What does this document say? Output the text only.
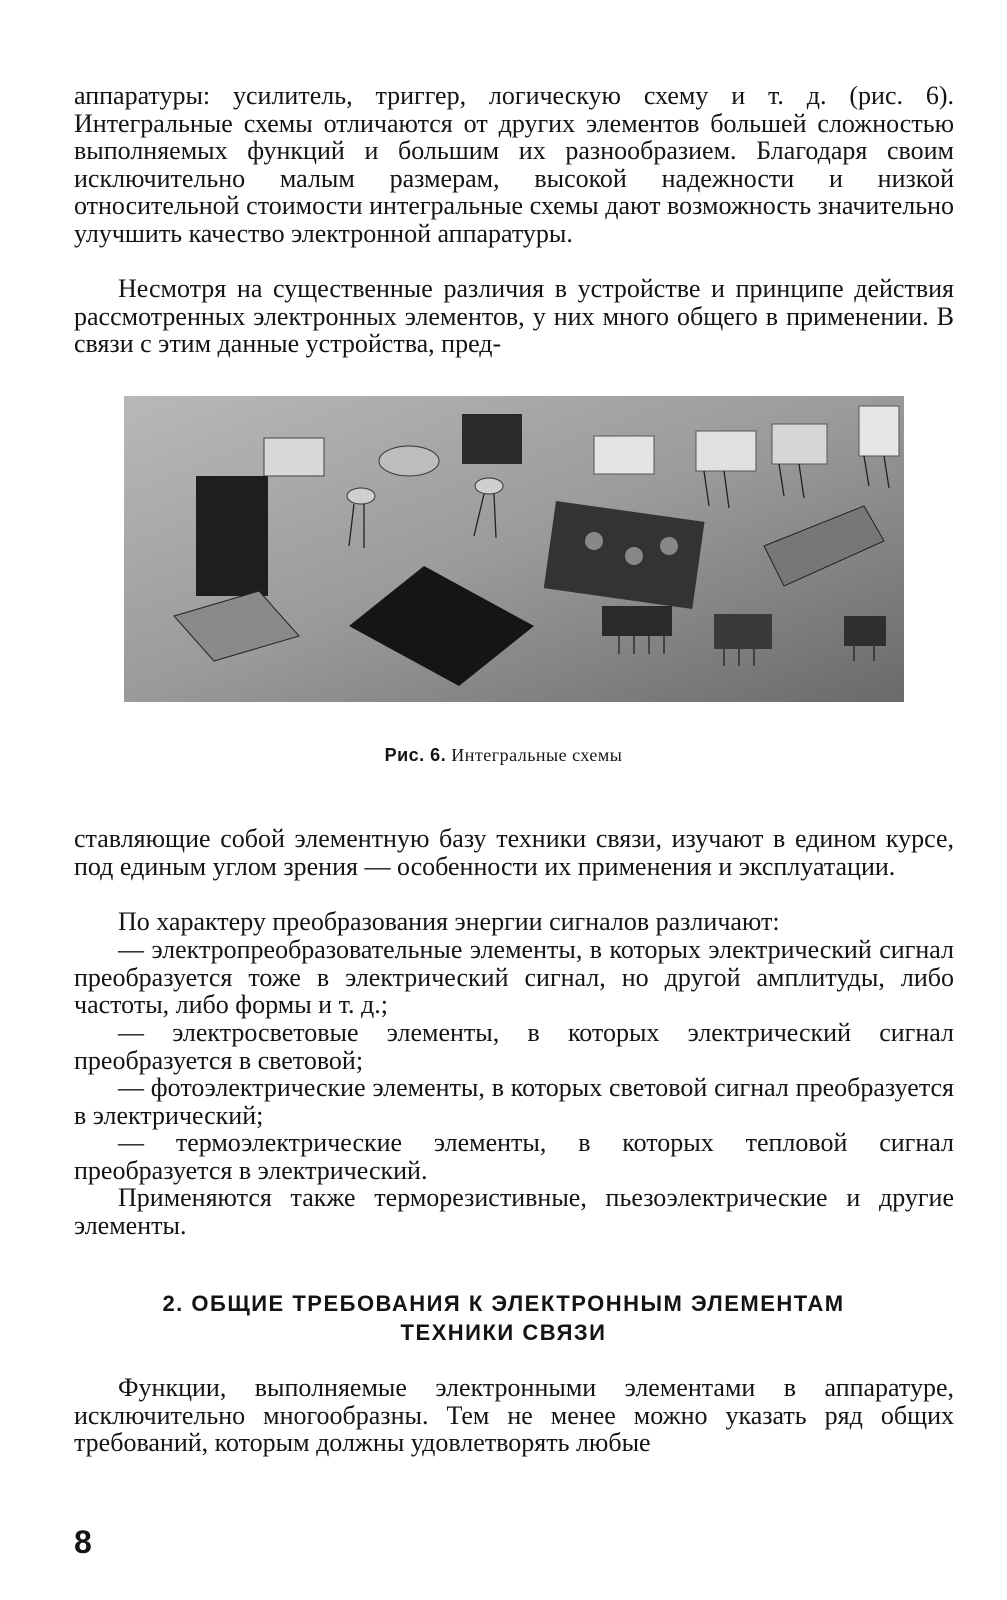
аппаратуры: усилитель, триггер, логическую схему и т. д. (рис. 6). Интегральные схемы отличаются от других элементов большей сложностью выполняемых функций и большим их разнообразием. Благодаря своим исключительно малым размерам, высокой надежности и низкой относительной стоимости интегральные схемы дают возможность значительно улучшить качество электронной аппаратуры.

Несмотря на существенные различия в устройстве и принципе действия рассмотренных электронных элементов, у них много общего в применении. В связи с этим данные устройства, пред-

Рис. 6. Интегральные схемы

ставляющие собой элементную базу техники связи, изучают в едином курсе, под единым углом зрения — особенности их применения и эксплуатации.

По характеру преобразования энергии сигналов различают:

— электропреобразовательные элементы, в которых электрический сигнал преобразуется тоже в электрический сигнал, но другой амплитуды, либо частоты, либо формы и т. д.;

— электросветовые элементы, в которых электрический сигнал преобразуется в световой;

— фотоэлектрические элементы, в которых световой сигнал преобразуется в электрический;

— термоэлектрические элементы, в которых тепловой сигнал преобразуется в электрический.

Применяются также терморезистивные, пьезоэлектрические и другие элементы.

2. ОБЩИЕ ТРЕБОВАНИЯ К ЭЛЕКТРОННЫМ ЭЛЕМЕНТАМ
ТЕХНИКИ СВЯЗИ

Функции, выполняемые электронными элементами в аппаратуре, исключительно многообразны. Тем не менее можно указать ряд общих требований, которым должны удовлетворять любые

8
